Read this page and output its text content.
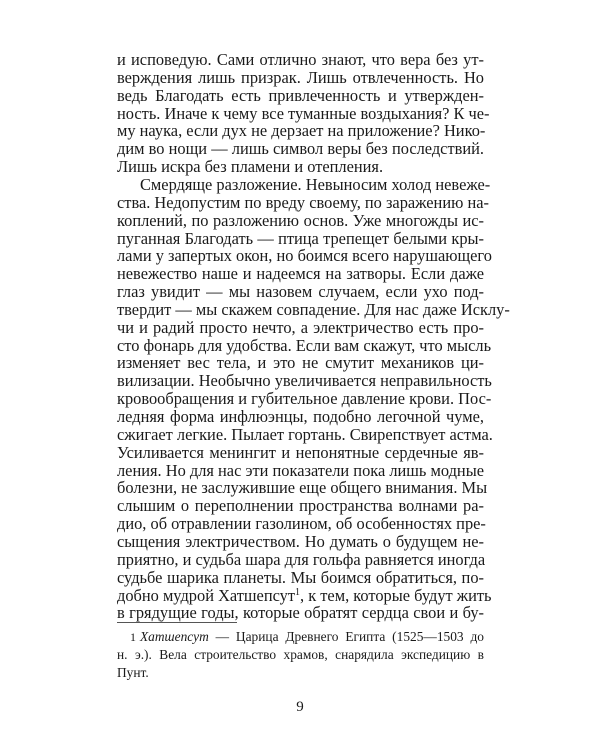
и исповедую. Сами отлично знают, что вера без ут-
верждения лишь призрак. Лишь отвлеченность. Но
ведь Благодать есть привлеченность и утвержден-
ность. Иначе к чему все туманные воздыхания? К че-
му наука, если дух не дерзает на приложение? Нико-
дим во нощи — лишь символ веры без последствий.
Лишь искра без пламени и отепления.
Смердяще разложение. Невыносим холод невеже-
ства. Недопустим по вреду своему, по заражению на-
коплений, по разложению основ. Уже многожды ис-
пуганная Благодать — птица трепещет белыми кры-
лами у запертых окон, но боимся всего нарушающего
невежество наше и надеемся на затворы. Если даже
глаз увидит — мы назовем случаем, если ухо под-
твердит — мы скажем совпадение. Для нас даже Исклу-
чи и радий просто нечто, а электричество есть про-
сто фонарь для удобства. Если вам скажут, что мысль
изменяет вес тела, и это не смутит механиков ци-
вилизации. Необычно увеличивается неправильность
кровообращения и губительное давление крови. Пос-
ледняя форма инфлюэнцы, подобно легочной чуме,
сжигает легкие. Пылает гортань. Свирепствует астма.
Усиливается менингит и непонятные сердечные яв-
ления. Но для нас эти показатели пока лишь модные
болезни, не заслужившие еще общего внимания. Мы
слышим о переполнении пространства волнами ра-
дио, об отравлении газолином, об особенностях пре-
сыщения электричеством. Но думать о будущем не-
приятно, и судьба шара для гольфа равняется иногда
судьбе шарика планеты. Мы боимся обратиться, по-
добно мудрой Хатшепсут$^1$, к тем, которые будут жить
в грядущие годы, которые обратят сердца свои и бу-
1 Хатшепсут — Царица Древнего Египта (1525—1503 до
н. э.). Вела строительство храмов, снарядила экспедицию в
Пунт.
9
